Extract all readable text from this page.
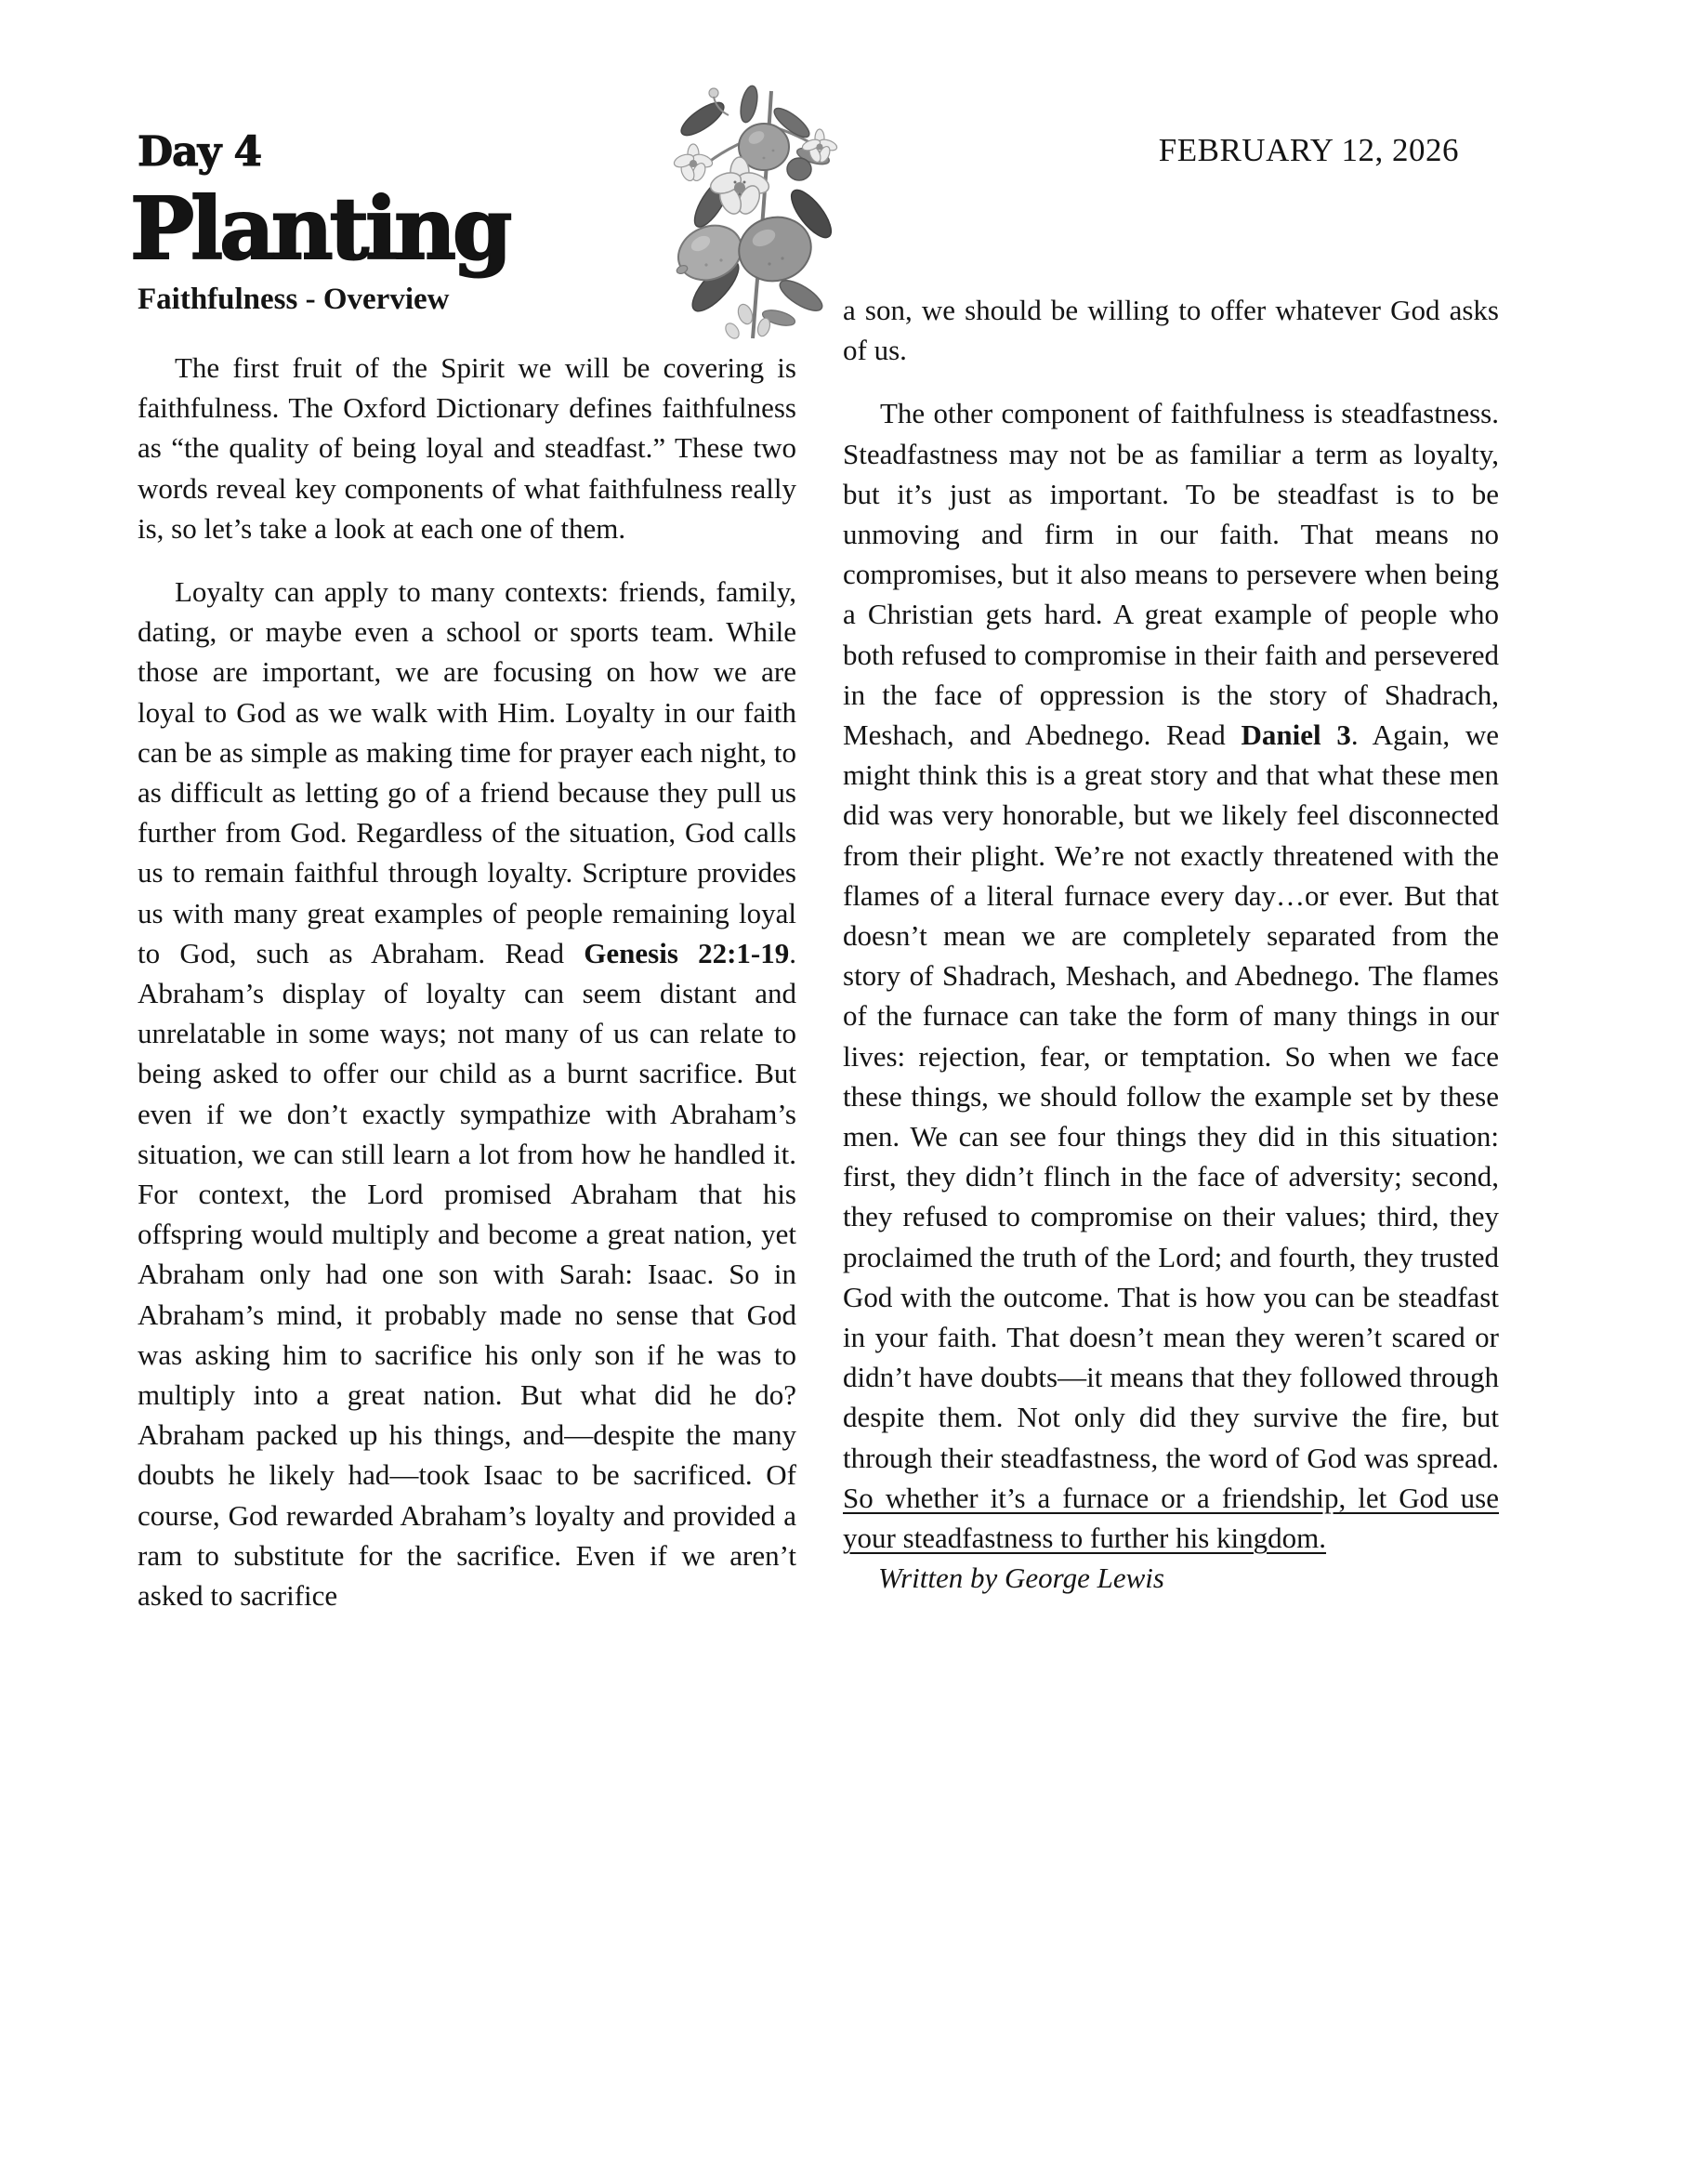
Day 4
Planting
Faithfulness - Overview
FEBRUARY 12, 2026

The first fruit of the Spirit we will be covering is faithfulness. The Oxford Dictionary defines faithfulness as “the quality of being loyal and steadfast.” These two words reveal key components of what faithfulness really is, so let’s take a look at each one of them.

Loyalty can apply to many contexts: friends, family, dating, or maybe even a school or sports team. While those are important, we are focusing on how we are loyal to God as we walk with Him. Loyalty in our faith can be as simple as making time for prayer each night, to as difficult as letting go of a friend because they pull us further from God. Regardless of the situation, God calls us to remain faithful through loyalty. Scripture provides us with many great examples of people remaining loyal to God, such as Abraham. Read Genesis 22:1-19. Abraham’s display of loyalty can seem distant and unrelatable in some ways; not many of us can relate to being asked to offer our child as a burnt sacrifice. But even if we don’t exactly sympathize with Abraham’s situation, we can still learn a lot from how he handled it. For context, the Lord promised Abraham that his offspring would multiply and become a great nation, yet Abraham only had one son with Sarah: Isaac. So in Abraham’s mind, it probably made no sense that God was asking him to sacrifice his only son if he was to multiply into a great nation. But what did he do? Abraham packed up his things, and—despite the many doubts he likely had—took Isaac to be sacrificed. Of course, God rewarded Abraham’s loyalty and provided a ram to substitute for the sacrifice. Even if we aren’t asked to sacrifice

a son, we should be willing to offer whatever God asks of us.

The other component of faithfulness is steadfastness. Steadfastness may not be as familiar a term as loyalty, but it’s just as important. To be steadfast is to be unmoving and firm in our faith. That means no compromises, but it also means to persevere when being a Christian gets hard. A great example of people who both refused to compromise in their faith and persevered in the face of oppression is the story of Shadrach, Meshach, and Abednego. Read Daniel 3. Again, we might think this is a great story and that what these men did was very honorable, but we likely feel disconnected from their plight. We’re not exactly threatened with the flames of a literal furnace every day…or ever. But that doesn’t mean we are completely separated from the story of Shadrach, Meshach, and Abednego. The flames of the furnace can take the form of many things in our lives: rejection, fear, or temptation. So when we face these things, we should follow the example set by these men. We can see four things they did in this situation: first, they didn’t flinch in the face of adversity; second, they refused to compromise on their values; third, they proclaimed the truth of the Lord; and fourth, they trusted God with the outcome. That is how you can be steadfast in your faith. That doesn’t mean they weren’t scared or didn’t have doubts—it means that they followed through despite them. Not only did they survive the fire, but through their steadfastness, the word of God was spread. So whether it’s a furnace or a friendship, let God use your steadfastness to further his kingdom.

Written by George Lewis
